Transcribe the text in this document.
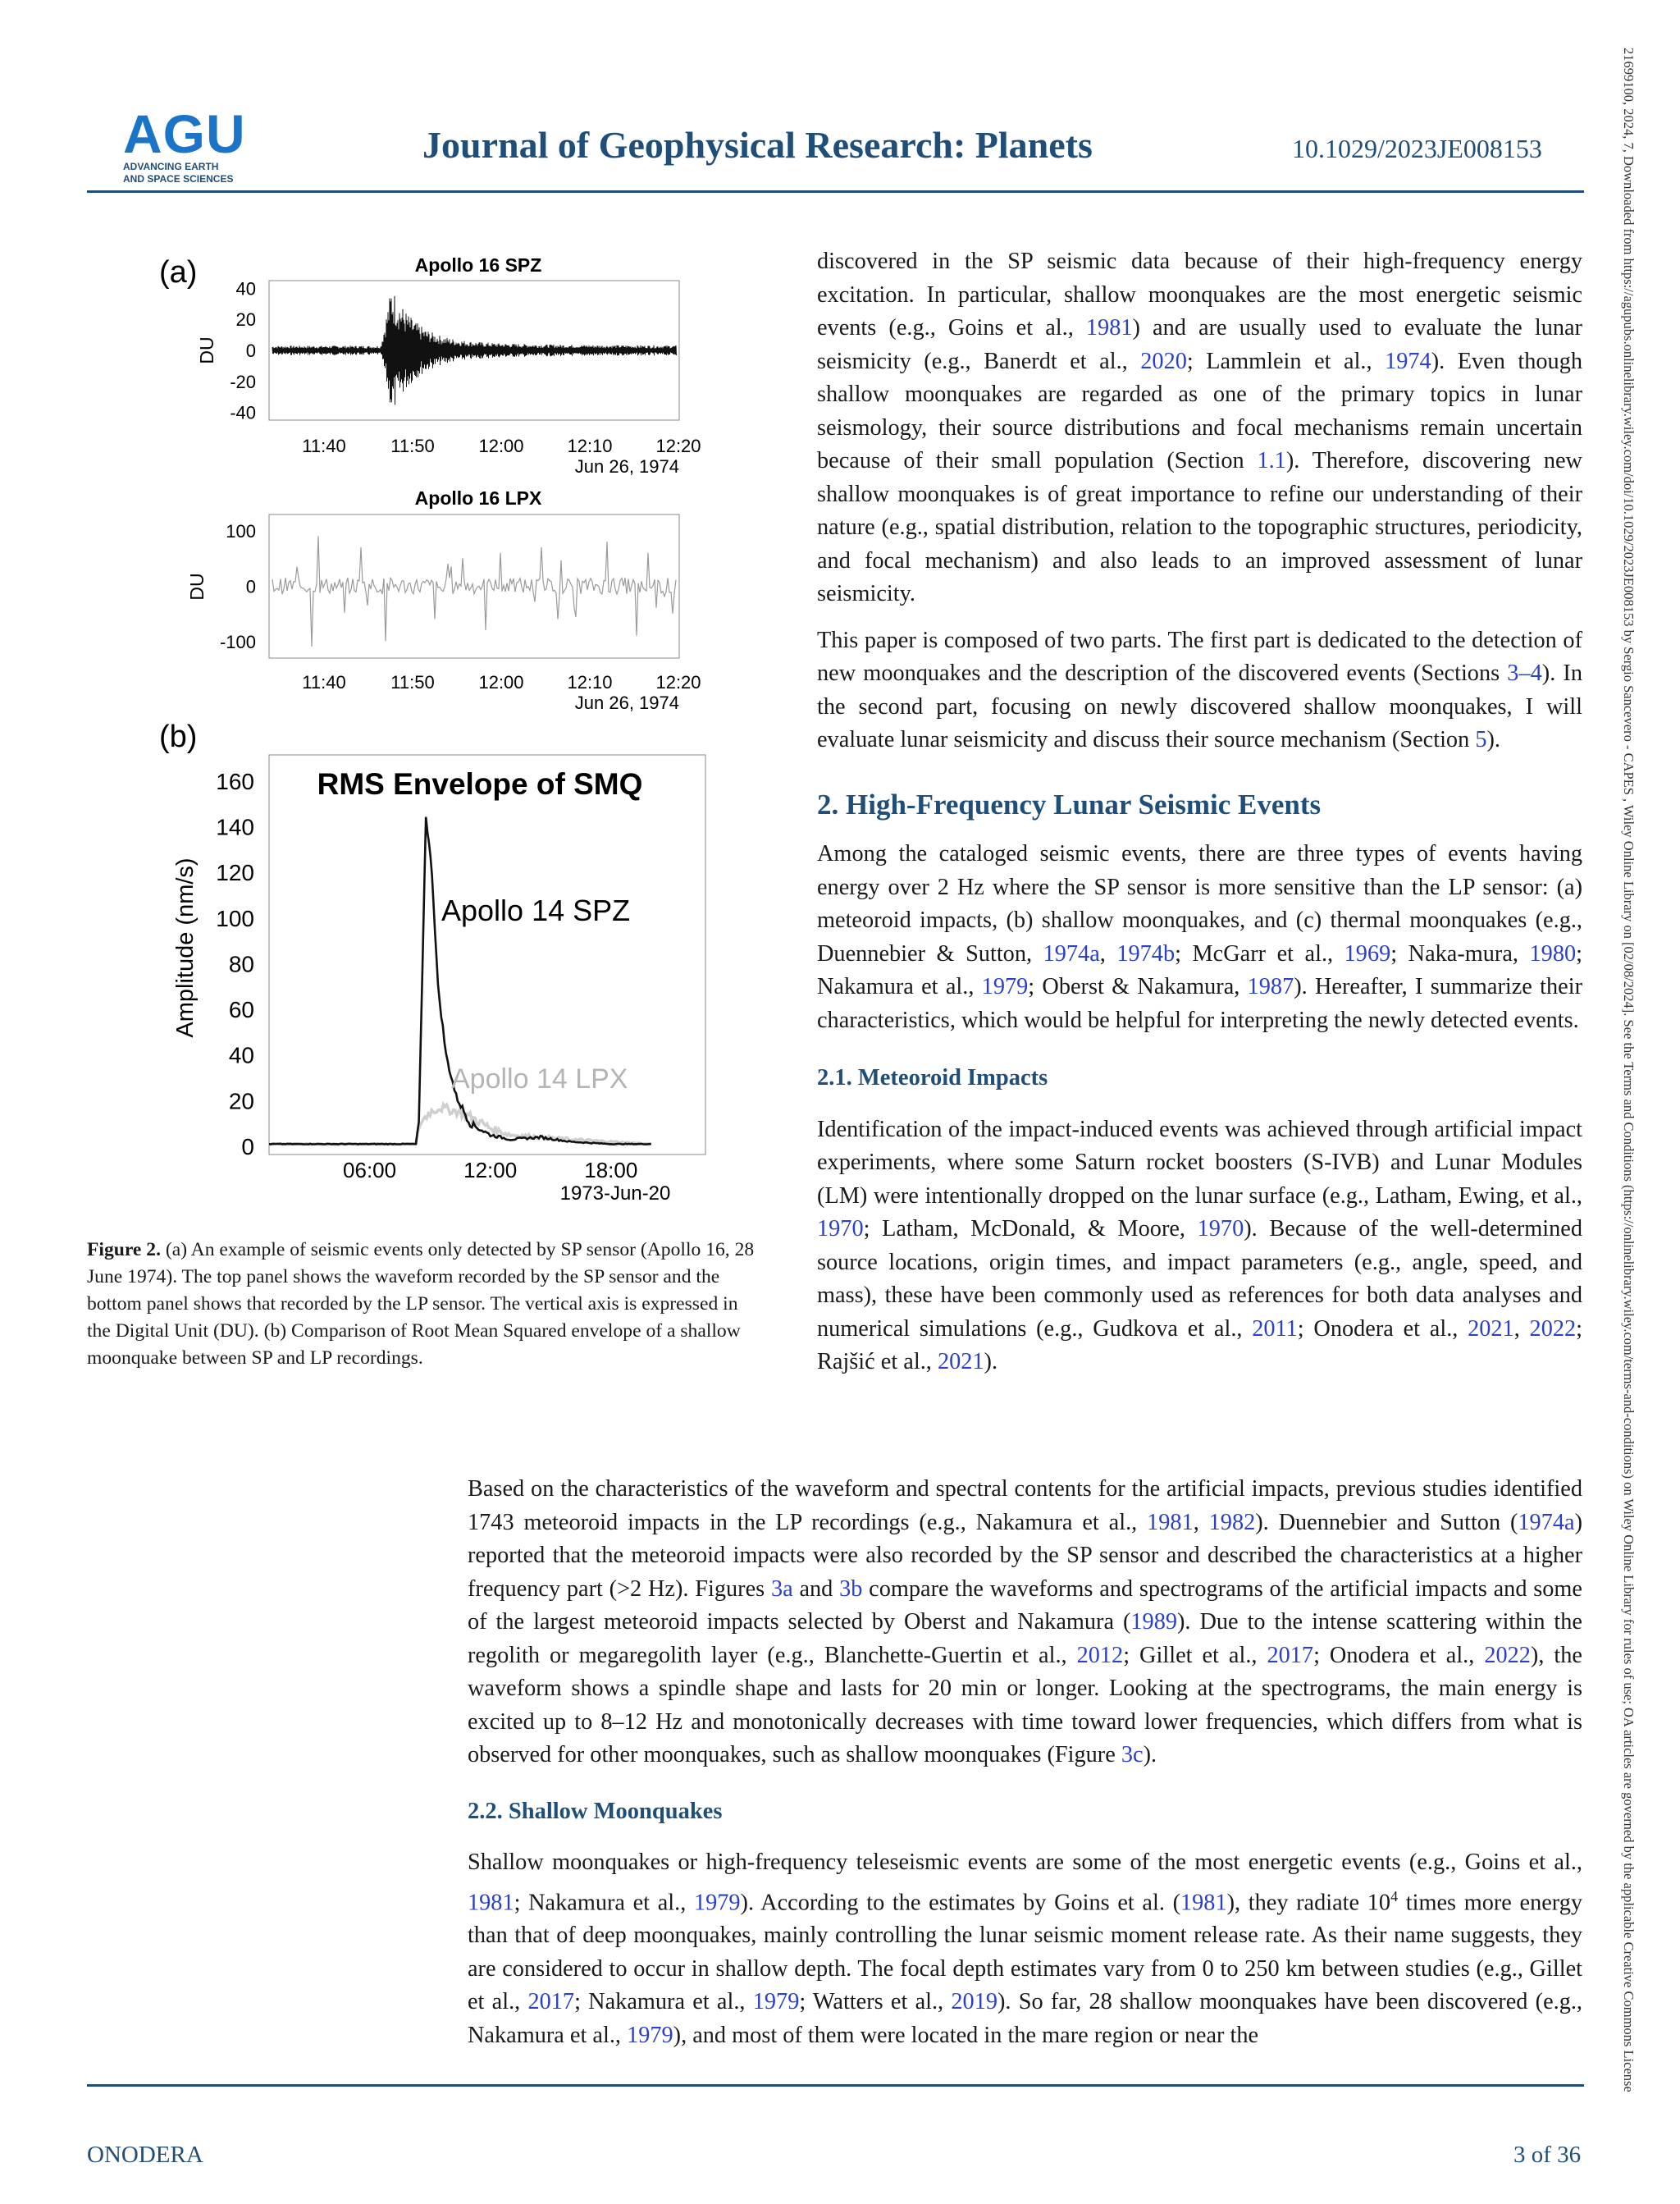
AGU
ADVANCING EARTH
AND SPACE SCIENCES
Journal of Geophysical Research: Planets	10.1029/2023JE008153	21699100, 2024, 7, Downloaded from https://agupubs.onlinelibrary.wiley.com/doi/10.1029/2023JE008153 by Sergio Sancevero - CAPES , Wiley Online Library on [02/08/2024]. See the Terms and Conditions (https://onlinelibrary.wiley.com/terms-and-conditions) on Wiley Online Library for rules of use; OA articles are governed by the applicable Creative Commons License
(a)
(b)
Apollo 16 SPZ
40
20
0
-20
-40
DU
11:40 11:50 12:00 12:10 12:20
Jun 26, 1974
Apollo 16 LPX
100
0
-100
DU
11:40 11:50 12:00 12:10 12:20
Jun 26, 1974
RMS Envelope of SMQ
160
140
120
100
80
60
40
20
0
Amplitude (nm/s)
06:00	12:00	18:00
1973-Jun-20
Apollo 14 SPZ
Apollo 14 LPX
Figure 2. (a) An example of seismic events only detected by SP sensor (Apollo 16, 28 June 1974). The top panel shows the waveform recorded by the SP sensor and the bottom panel shows that recorded by the LP sensor. The vertical axis is expressed in the Digital Unit (DU). (b) Comparison of Root Mean Squared envelope of a shallow moonquake between SP and LP recordings.

discovered in the SP seismic data because of their high-frequency energy excitation. In particular, shallow moonquakes are the most energetic seismic events (e.g., Goins et al., 1981) and are usually used to evaluate the lunar seismicity (e.g., Banerdt et al., 2020; Lammlein et al., 1974). Even though shallow moonquakes are regarded as one of the primary topics in lunar seismology, their source distributions and focal mechanisms remain uncertain because of their small population (Section 1.1). Therefore, discovering new shallow moonquakes is of great importance to refine our understanding of their nature (e.g., spatial distribution, relation to the topographic structures, periodicity, and focal mechanism) and also leads to an improved assessment of lunar seismicity.

This paper is composed of two parts. The first part is dedicated to the detection of new moonquakes and the description of the discovered events (Sections 3–4). In the second part, focusing on newly discovered shallow moonquakes, I will evaluate lunar seismicity and discuss their source mechanism (Section 5).

2. High-Frequency Lunar Seismic Events

Among the cataloged seismic events, there are three types of events having energy over 2 Hz where the SP sensor is more sensitive than the LP sensor: (a) meteoroid impacts, (b) shallow moonquakes, and (c) thermal moonquakes (e.g., Duennebier & Sutton, 1974a, 1974b; McGarr et al., 1969; Naka-mura, 1980; Nakamura et al., 1979; Oberst & Nakamura, 1987). Hereafter, I summarize their characteristics, which would be helpful for interpreting the newly detected events.

2.1. Meteoroid Impacts

Identification of the impact-induced events was achieved through artificial impact experiments, where some Saturn rocket boosters (S-IVB) and Lunar Modules (LM) were intentionally dropped on the lunar surface (e.g., Latham, Ewing, et al., 1970; Latham, McDonald, & Moore, 1970). Because of the well-determined source locations, origin times, and impact parameters (e.g., angle, speed, and mass), these have been commonly used as references for both data analyses and numerical simulations (e.g., Gudkova et al., 2011; Onodera et al., 2021, 2022; Rajšić et al., 2021).

Based on the characteristics of the waveform and spectral contents for the artificial impacts, previous studies identified 1743 meteoroid impacts in the LP recordings (e.g., Nakamura et al., 1981, 1982). Duennebier and Sutton (1974a) reported that the meteoroid impacts were also recorded by the SP sensor and described the characteristics at a higher frequency part (>2 Hz). Figures 3a and 3b compare the waveforms and spectrograms of the artificial impacts and some of the largest meteoroid impacts selected by Oberst and Nakamura (1989). Due to the intense scattering within the regolith or megaregolith layer (e.g., Blanchette-Guertin et al., 2012; Gillet et al., 2017; Onodera et al., 2022), the waveform shows a spindle shape and lasts for 20 min or longer. Looking at the spectrograms, the main energy is excited up to 8–12 Hz and monotonically decreases with time toward lower frequencies, which differs from what is observed for other moonquakes, such as shallow moonquakes (Figure 3c).

2.2. Shallow Moonquakes

Shallow moonquakes or high-frequency teleseismic events are some of the most energetic events (e.g., Goins et al., 1981; Nakamura et al., 1979). According to the estimates by Goins et al. (1981), they radiate $10^4$ times more energy than that of deep moonquakes, mainly controlling the lunar seismic moment release rate. As their name suggests, they are considered to occur in shallow depth. The focal depth estimates vary from 0 to 250 km between studies (e.g., Gillet et al., 2017; Nakamura et al., 1979; Watters et al., 2019). So far, 28 shallow moonquakes have been discovered (e.g., Nakamura et al., 1979), and most of them were located in the mare region or near the

ONODERA	3 of 36
